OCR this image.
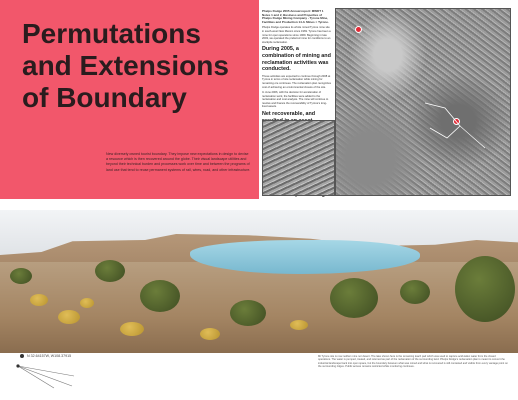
Permutations and Extensions of Boundary
New diversely owned tourist boundary. They impose new expectations in design to devise a resource which is then recovered around the globe. Their visual landscape utilities and beyond their technical burden and processes work over time and between the programs of land use that tend to reuse permanent systems of rail, wires, road, and other infrastructure.

Phelps Dodge 2005 Annual report: MWDT 1 Notes 1 and 2, Business and Properties of Phelps Dodge Mining Company - Tyrone Mine, Facilities and Production 14-3. Mines > Tyrone.

Phelps Dodge operates its whole mined Tyrone mine site in south-west New Mexico since 1969. Tyrone has been a mine for open operations since 1969. Beginning in late 2003, we operated the preferred mine for conditions to an stockpile reclamation.

During 2005, a combination of mining and reclamation activities was conducted.

These activities are expected to continue through 2008 at Tyrone in terms of site reclamation while mining for remaining ore continues. The reclamation plan recognizes cost of achieving an environmental closure of the site.

In June 2006, with the decision for acceleration of reclamation work, the facilities were added to the reclamation and cost analysis. The mine will continue to resolve and finance the recoverability of Tyrone's long-lived assets.

Net recoverable, and

N 32.64157W, W108.37915	Mt Tyrone site is now neither mine nor desert. The lake shown here is the remaining leach pad which was used to capture acid-laden water from the closed operations. The water is pumped, treated, and returned as part of the reclamation of the surrounding land. Phelps Dodge's reclamation plan is meant to convert the industrial landscape back into open space, but the boundary between what was mined and what is recovered is still contested and visible from every vantage point on the surrounding ridges. Public access remains restricted while monitoring continues.
